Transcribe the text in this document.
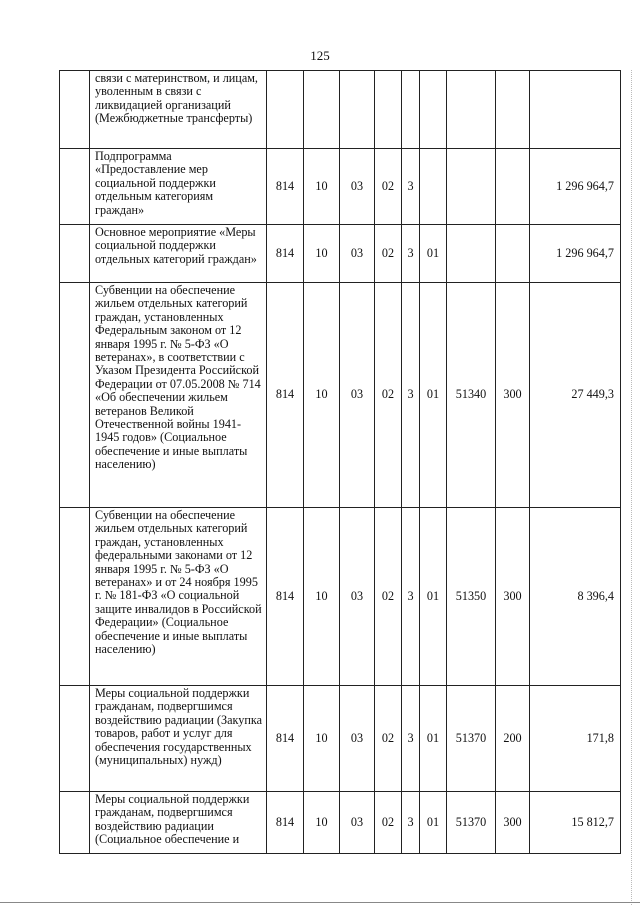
125
	связи с материнством, и лицам, уволенным в связи с ликвидацией организаций (Межбюджетные трансферты)									
	Подпрограмма «Предоставление мер социальной поддержки отдельным категориям граждан»	814	10	03	02	3				1 296 964,7
	Основное мероприятие «Меры социальной поддержки отдельных категорий граждан»	814	10	03	02	3	01			1 296 964,7
	Субвенции на обеспечение жильем отдельных категорий граждан, установленных Федеральным законом от 12 января 1995 г. № 5-ФЗ «О ветеранах», в соответствии с Указом Президента Российской Федерации от 07.05.2008 № 714 «Об обеспечении жильем ветеранов Великой Отечественной войны 1941-1945 годов» (Социальное обеспечение и иные выплаты населению)	814	10	03	02	3	01	51340	300	27 449,3
	Субвенции на обеспечение жильем отдельных категорий граждан, установленных федеральными законами от 12 января 1995 г. № 5-ФЗ «О ветеранах» и от 24 ноября 1995 г. № 181-ФЗ «О социальной защите инвалидов в Российской Федерации» (Социальное обеспечение и иные выплаты населению)	814	10	03	02	3	01	51350	300	8 396,4
	Меры социальной поддержки гражданам, подвергшимся воздействию радиации (Закупка товаров, работ и услуг для обеспечения государственных (муниципальных) нужд)	814	10	03	02	3	01	51370	200	171,8
	Меры социальной поддержки гражданам, подвергшимся воздействию радиации (Социальное обеспечение и	814	10	03	02	3	01	51370	300	15 812,7
